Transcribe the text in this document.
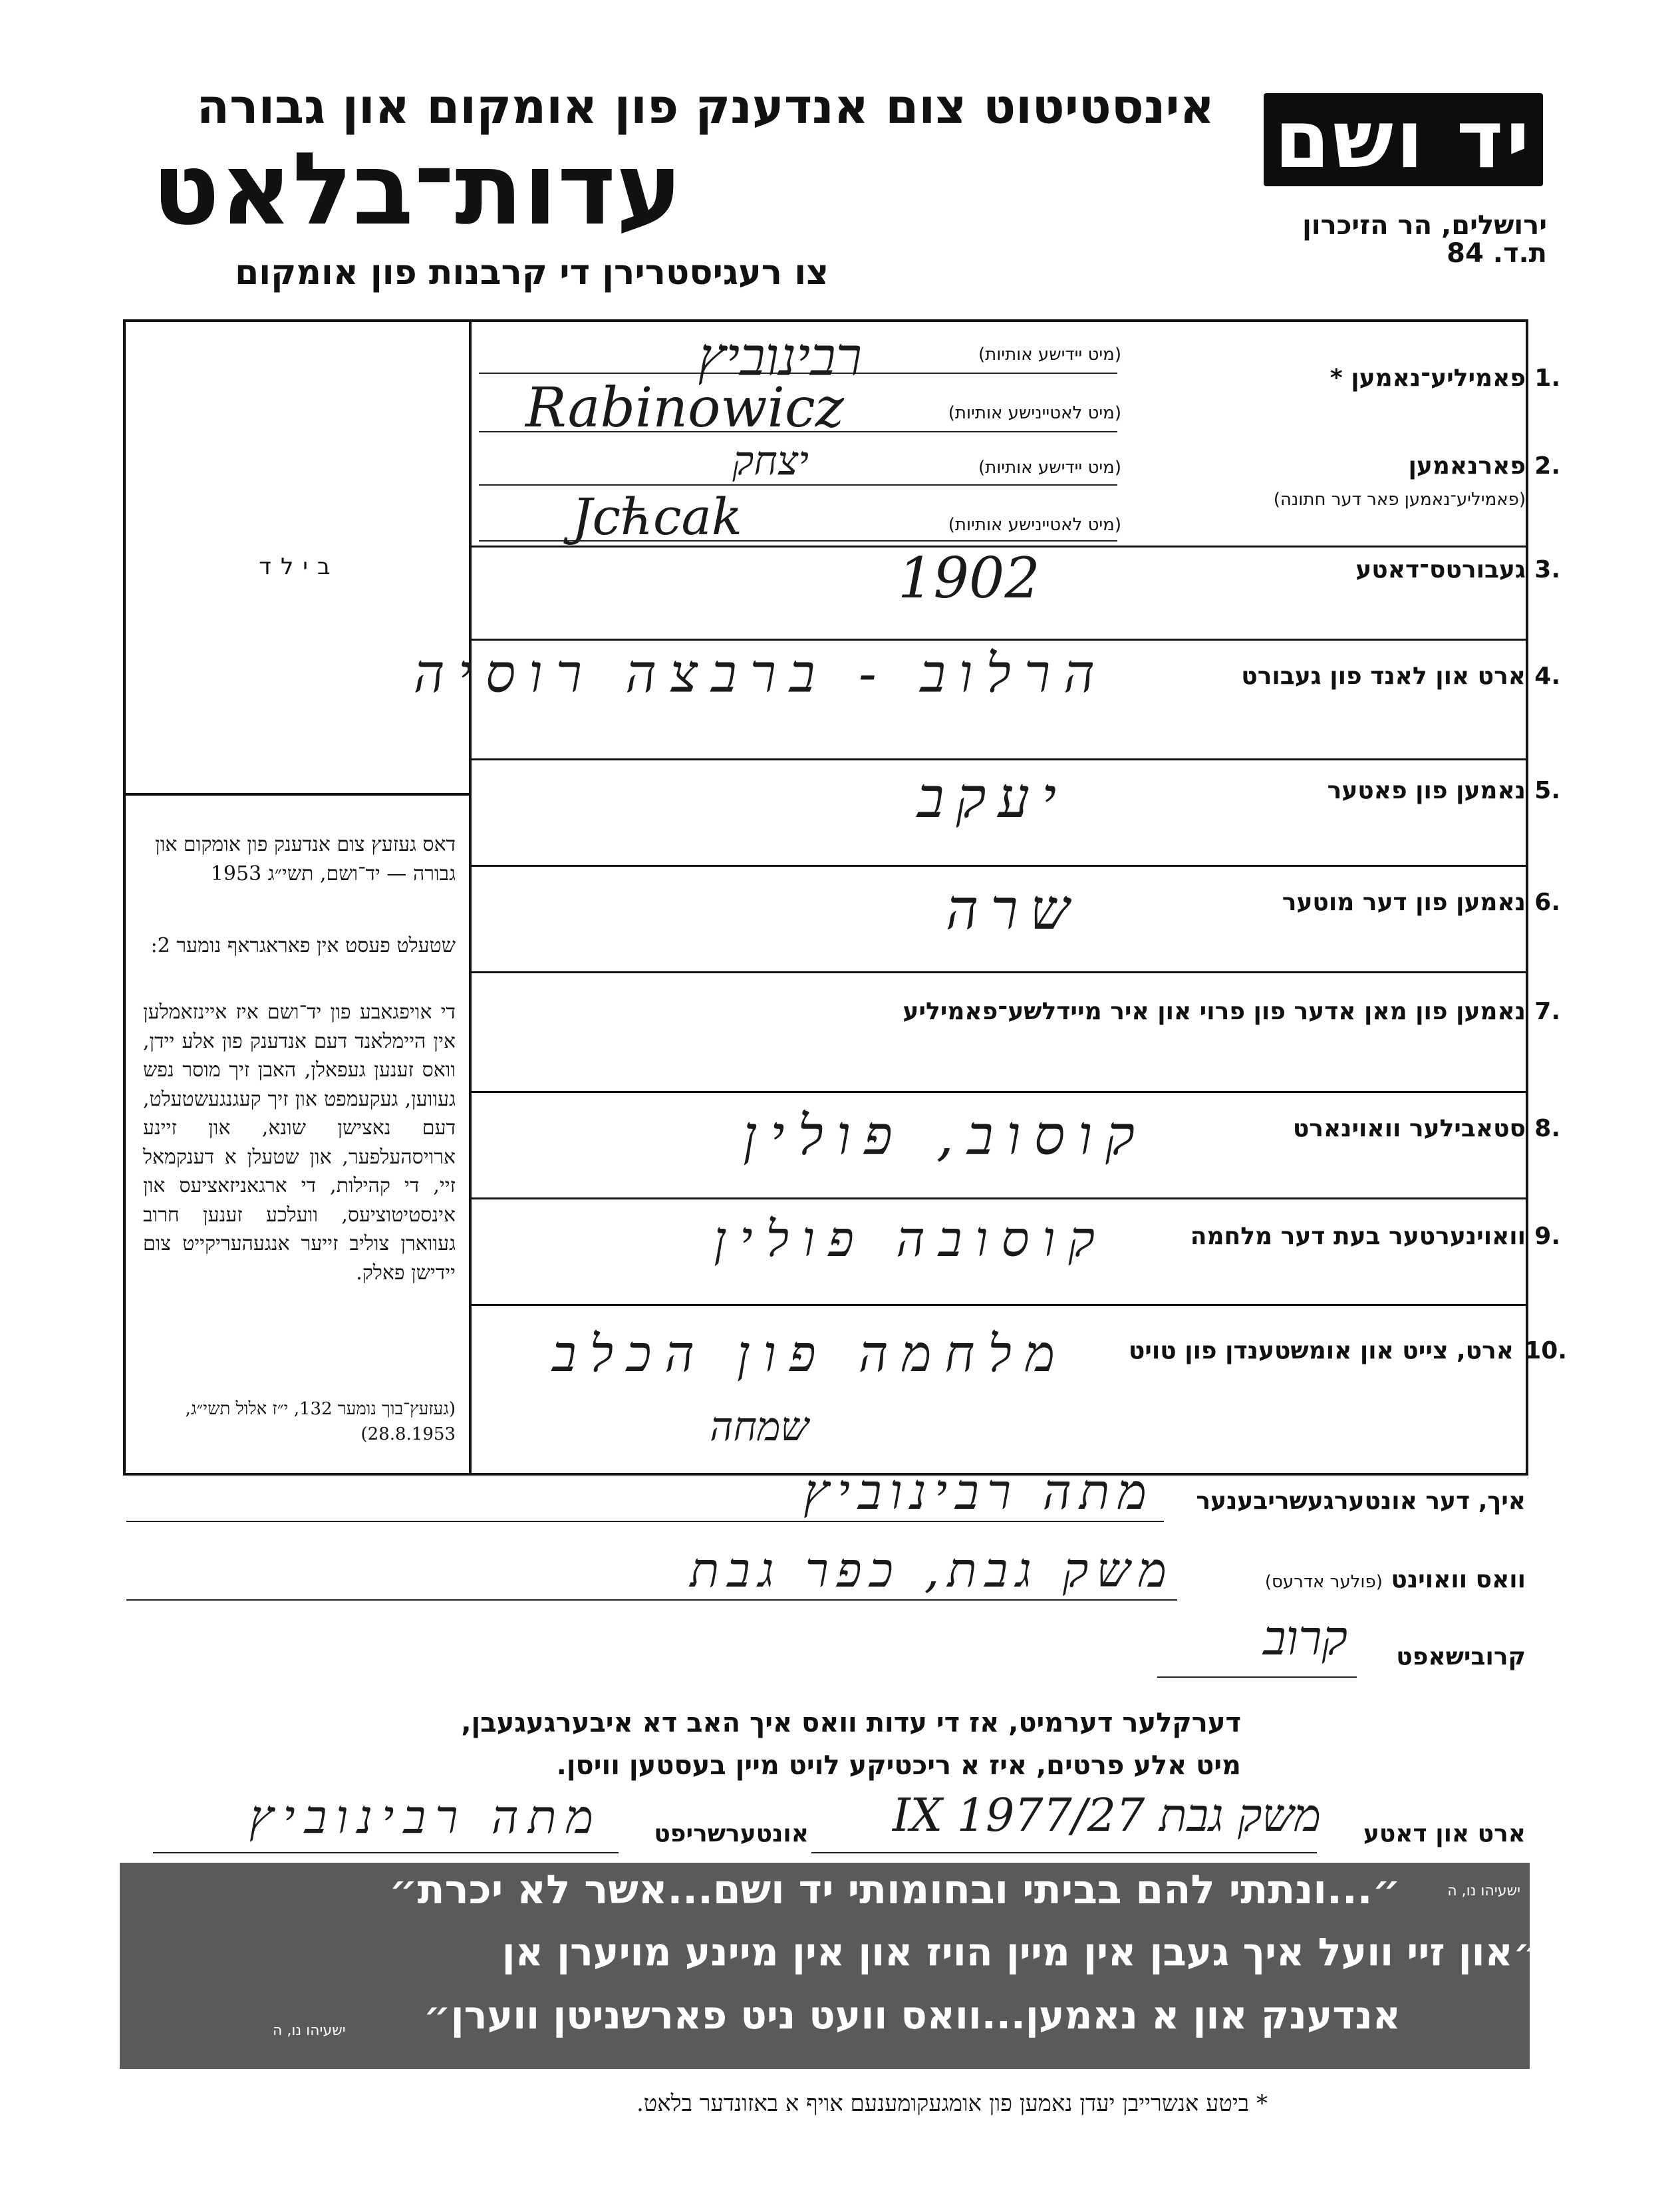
יד ושם
אינסטיטוט צום אנדענק פון אומקום און גבורה
עדות־בלאט
צו רעגיסטרירן די קרבנות פון אומקום
ירושלים, הר הזיכרון
ת.ד. 84
בילד
דאס געזעץ צום אנדענק פון אומקום און גבורה — יד־ושם, תשי״ג 1953
שטעלט פעסט אין פאראגראף נומער 2:
די אויפגאבע פון יד־ושם איז איינזאמלען אין היימלאנד דעם אנדענק פון אלע יידן, וואס זענען געפאלן, האבן זיך מוסר נפש געווען, געקעמפט און זיך קעגנגעשטעלט, דעם נאצישן שונא, און זיינע ארויסהעלפער, און שטעלן א דענקמאל זיי, די קהילות, די ארגאניזאציעס און אינסטיטוציעס, וועלכע זענען חרוב געווארן צוליב זייער אנגעהעריקייט צום יידישן פאלק.
(געזעץ־בוך נומער 132, י״ז אלול תשי״ג, 28.8.1953)
1.
פאמיליע־נאמען *
(מיט יידישע אותיות)
(מיט לאטיינישע אותיות)
רבינוביץ
Rabinowicz
2.
פארנאמען
(פאמיליע־נאמען פאר דער חתונה)
(מיט יידישע אותיות)
(מיט לאטיינישע אותיות)
יצחק
Jcћcak
3.
געבורטס־דאטע
1902
4.
ארט און לאנד פון געבורט
הרלוב - ברבצה רוסיה
5.
נאמען פון פאטער
יעקב
6.
נאמען פון דער מוטער
שרה
7.
נאמען פון מאן אדער פון פרוי און איר מיידלשע־פאמיליע
8.
סטאבילער וואוינארט
קוסוב, פולין
9.
וואוינערטער בעת דער מלחמה
קוסובה פולין
10.
ארט, צייט און אומשטענדן פון טויט
מלחמה פון הכלב
שמחה
איך, דער אונטערגעשריבענער
מתה רבינוביץ
וואס וואוינט (פולער אדרעס)
משק גבת, כפר גבת
קרובישאפט
קרוב
דערקלער דערמיט, אז די עדות וואס איך האב דא איבערגעגעבן,
מיט אלע פרטים, איז א ריכטיקע לויט מיין בעסטען וויסן.
ארט און דאטע
משק גבת 27/IX 1977
אונטערשריפט
מתה רבינוביץ
״...ונתתי להם בביתי ובחומותי יד ושם...אשר לא יכרת״	ישעיהו נו, ה
״און זיי וועל איך געבן אין מיין הויז און אין מיינע מויערן אן
אנדענק און א נאמען...וואס וועט ניט פארשניטן ווערן״
ישעיהו נו, ה
* ביטע אנשרייבן יעדן נאמען פון אומגעקומענעם אויף א באזונדער בלאט.
